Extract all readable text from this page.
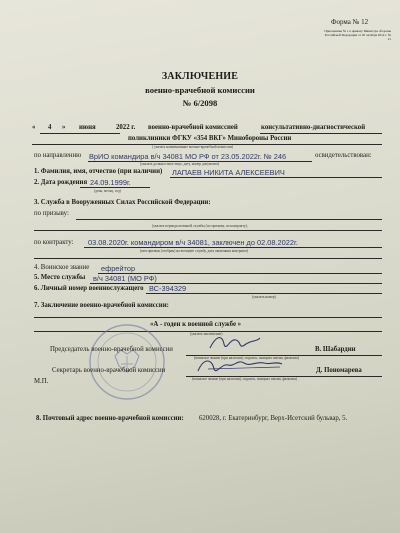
Форма № 12
Приложение № 1 к приказу Министра обороны Российской Федерации от 20 октября 2014 г. № 21
ЗАКЛЮЧЕНИЕ
военно-врачебной комиссии
№ 6/2098
« 4 » июня	2022 г. военно-врачебной комиссией	консультативно-диагностической
поликлиники ФГКУ «354 ВКГ» Минобороны России
( указать наименование военно-врачебной комиссии)
по направлению ВрИО командира в/ч 34081 МО РФ от 23.05.2022г. № 246	освидетельствован:
(указать должностное лицо, дату, номер документа)
1. Фамилия, имя, отчество (при наличии) ЛАПАЕВ НИКИТА АЛЕКСЕЕВИЧ
2. Дата рождения 24.09.1999г.
(день, месяц, год)
3. Служба в Вооруженных Силах Российской Федерации:
по призыву:
(указать периоды военной службы (по призыву, по контракту),
по контракту: 03.08.2020г. командиром в/ч 34081, заключен до 02.08.2022г.
(кем призван (отобран) на военную службу, дата окончания контракта)
4. Воинское звание ефрейтор
5. Место службы в/ч 34081 (МО РФ)
6. Личный номер военнослужащего ВС-394329
(указать номер)
7. Заключение военно-врачебной комиссии:
«А - годен к военной службе »
(указать заключение)
Председатель военно-врачебной комиссии	В. Шабардин
(воинское звание (при наличии), подпись, инициал имени, фамилия)
Секретарь военно-врачебной комиссии	Д. Пономарева
(воинское звание (при наличии), подпись, инициал имени, фамилия)
М.П.
8. Почтовый адрес военно-врачебной комиссии: 620028, г. Екатеринбург, Верх-Исетский бульвар, 5.
